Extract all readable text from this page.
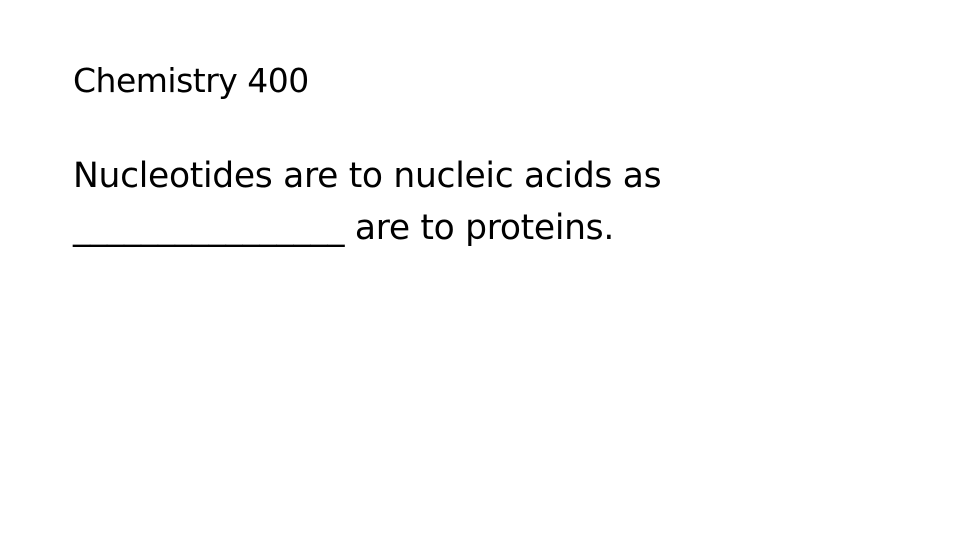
Chemistry 400
Nucleotides are to nucleic acids as
________________ are to proteins.
